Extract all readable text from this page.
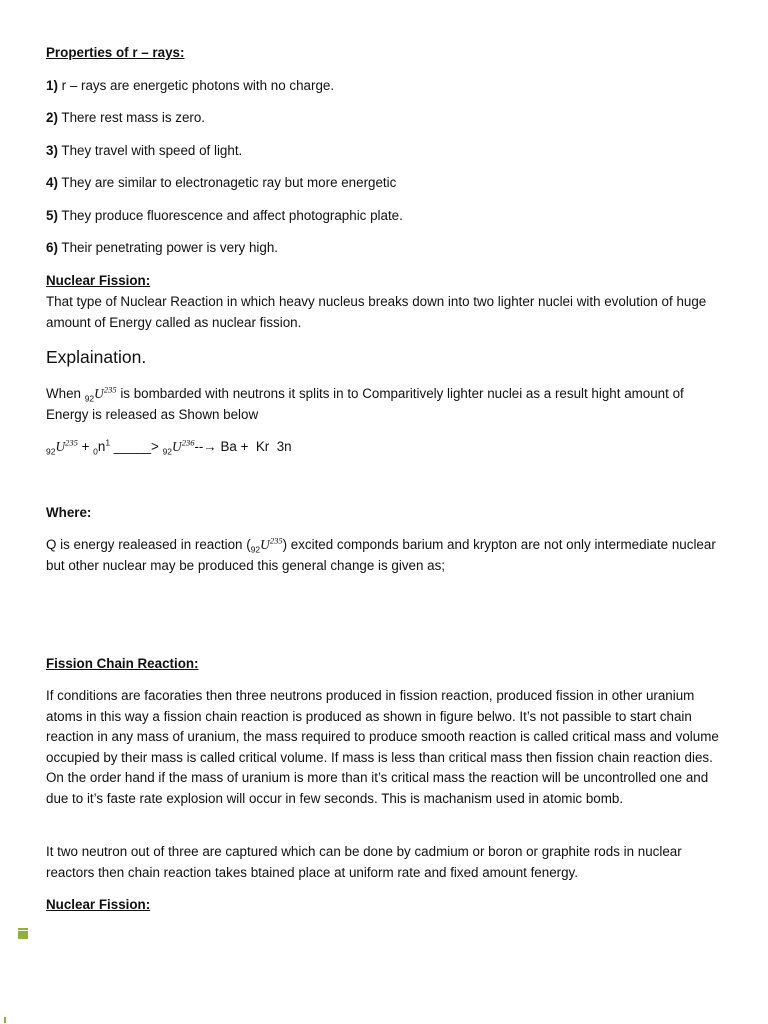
Properties of r – rays:
1) r – rays are energetic photons with no charge.
2) There rest mass is zero.
3) They travel with speed of light.
4) They are similar to electronagetic ray but more energetic
5) They produce fluorescence and affect photographic plate.
6) Their penetrating power is very high.
Nuclear Fission:
That type of Nuclear Reaction in which heavy nucleus breaks down into two lighter nuclei with evolution of huge amount of Energy called as nuclear fission.
Explaination.
When $_{92}U^{235}$ is bombarded with neutrons it splits in to Comparitively lighter nuclei as a result hight amount of Energy is released as Shown below
$_{92}U^{235} + _0n^1$ _____> $_{92}U^{236}--\to Ba + Kr$  3n
Where:
Q is energy realeased in reaction $(_{92}U^{235})$ excited componds barium and krypton are not only intermediate nuclear but other nuclear may be produced this general change is given as;
Fission Chain Reaction:
If conditions are facoraties then three neutrons produced in fission reaction, produced fission in other uranium atoms in this way a fission chain reaction is produced as shown in figure belwo. It’s not passible to start chain reaction in any mass of uranium, the mass required to produce smooth reaction is called critical mass and volume occupied by their mass is called critical volume. If mass is less than critical mass then fission chain reaction dies. On the order hand if the mass of uranium is more than it’s critical mass the reaction will be uncontrolled one and due to it’s faste rate explosion will occur in few seconds. This is machanism used in atomic bomb.
It two neutron out of three are captured which can be done by cadmium or boron or graphite rods in nuclear reactors then chain reaction takes btained place at uniform rate and fixed amount fenergy.
Nuclear Fission:
